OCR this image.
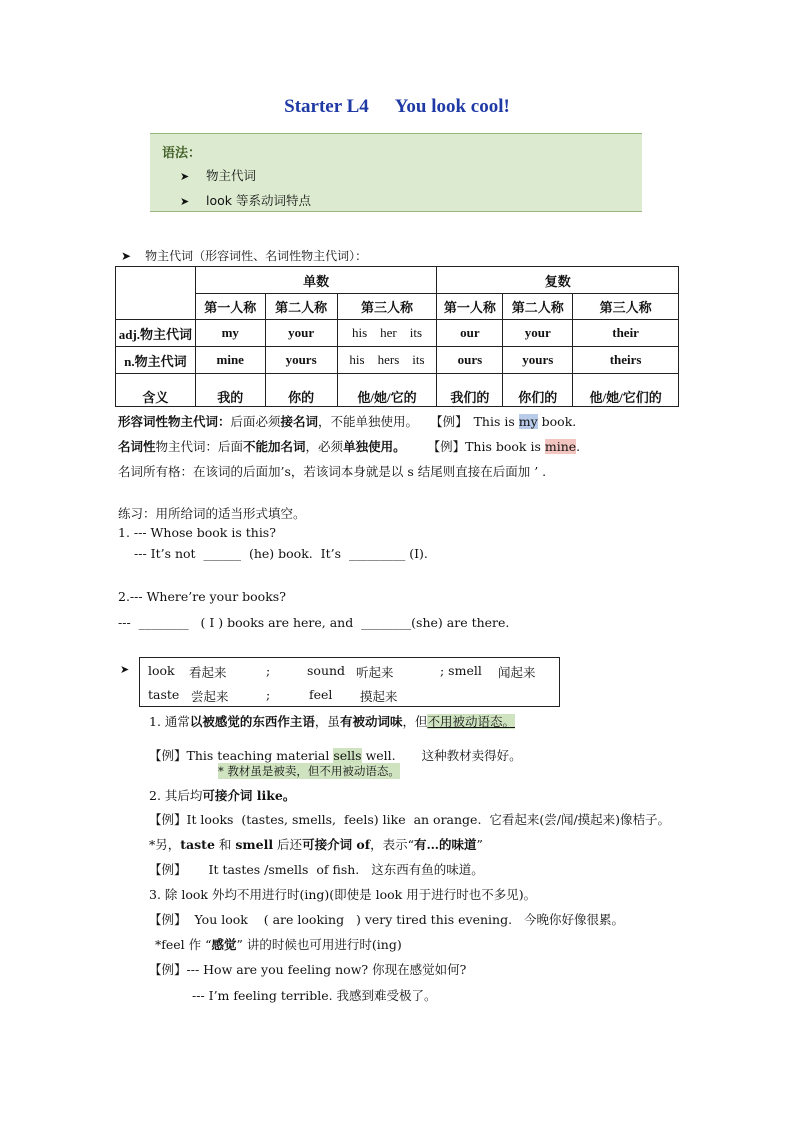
Starter L4 You look cool!
语法：
➤ 物主代词
➤ look 等系动词特点
➤ 物主代词（形容词性、名词性物主代词）：
	单数			复数		
	第一人称	第二人称	第三人称	第一人称	第二人称	第三人称
adj.物主代词	my	your	his    her    its	our	your	their
n.物主代词	mine	yours	his    hers    its	ours	yours	theirs
含义	我的	你的	他/她/它的	我们的	你们的	他/她/它们的
形容词性物主代词：后面必须接名词，不能单独使用。 【例】 This is my book.
名词性物主代词：后面不能加名词，必须单独使用。 【例】This book is mine.
名词所有格：在该词的后面加’s，若该词本身就是以 s 结尾则直接在后面加 ’ .
练习：用所给词的适当形式填空。
1. --- Whose book is this?
--- It’s not  ______  (he) book.  It’s  _________ (I).
2.--- Where’re your books?
---  ________   ( I ) books are here, and  ________(she) are there.
➤ look 看起来	;	sound 听起来	; smell 闻起来
taste 尝起来	;	feel 摸起来
1. 通常以被感觉的东西作主语，虽有被动词味，但不用被动语态。
【例】This teaching material sells well. 这种教材卖得好。
* 教材虽是被卖，但不用被动语态。
2. 其后均可接介词 like。
【例】It looks  (tastes, smells,  feels) like  an orange.  它看起来(尝/闻/摸起来)像桔子。
*另，taste 和 smell 后还可接介词 of，表示“有…的味道”
【例】 It tastes /smells  of fish.   这东西有鱼的味道。
3. 除 look 外均不用进行时(ing)(即使是 look 用于进行时也不多见)。
【例】 You look    ( are looking   ) very tired this evening.   今晚你好像很累。
*feel 作 “感觉” 讲的时候也可用进行时(ing)
【例】--- How are you feeling now? 你现在感觉如何?
--- I’m feeling terrible. 我感到难受极了。
